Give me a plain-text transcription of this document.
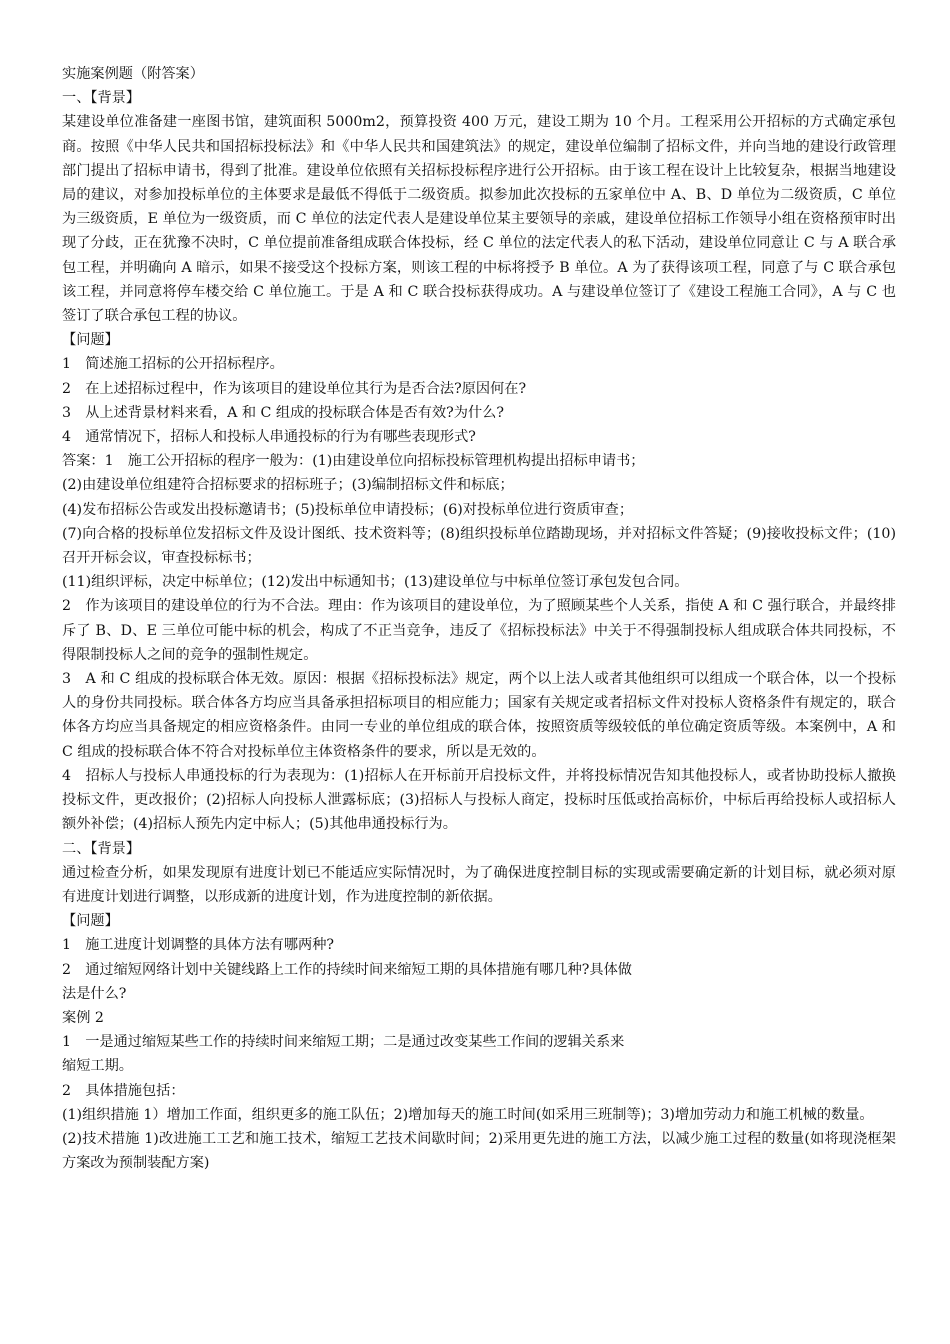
实施案例题（附答案）

一、【背景】

某建设单位准备建一座图书馆，建筑面积 5000m2，预算投资 400 万元，建设工期为 10 个月。工程采用公开招标的方式确定承包商。按照《中华人民共和国招标投标法》和《中华人民共和国建筑法》的规定，建设单位编制了招标文件，并向当地的建设行政管理部门提出了招标申请书，得到了批准。建设单位依照有关招标投标程序进行公开招标。由于该工程在设计上比较复杂，根据当地建设局的建议，对参加投标单位的主体要求是最低不得低于二级资质。拟参加此次投标的五家单位中 A、B、D 单位为二级资质，C 单位为三级资质，E 单位为一级资质，而 C 单位的法定代表人是建设单位某主要领导的亲戚，建设单位招标工作领导小组在资格预审时出现了分歧，正在犹豫不决时，C 单位提前准备组成联合体投标，经 C 单位的法定代表人的私下活动，建设单位同意让 C 与 A 联合承包工程，并明确向 A 暗示，如果不接受这个投标方案，则该工程的中标将授予 B 单位。A 为了获得该项工程，同意了与 C 联合承包该工程，并同意将停车楼交给 C 单位施工。于是 A 和 C 联合投标获得成功。A 与建设单位签订了《建设工程施工合同》，A 与 C 也签订了联合承包工程的协议。

【问题】

1　简述施工招标的公开招标程序。

2　在上述招标过程中，作为该项目的建设单位其行为是否合法?原因何在?

3　从上述背景材料来看，A 和 C 组成的投标联合体是否有效?为什么?

4　通常情况下，招标人和投标人串通投标的行为有哪些表现形式?

答案：1　施工公开招标的程序一般为：(1)由建设单位向招标投标管理机构提出招标申请书；

(2)由建设单位组建符合招标要求的招标班子；(3)编制招标文件和标底；

(4)发布招标公告或发出投标邀请书；(5)投标单位申请投标；(6)对投标单位进行资质审查；

(7)向合格的投标单位发招标文件及设计图纸、技术资料等；(8)组织投标单位踏勘现场，并对招标文件答疑；(9)接收投标文件；(10)召开开标会议，审查投标标书；

(11)组织评标，决定中标单位；(12)发出中标通知书；(13)建设单位与中标单位签订承包发包合同。

2　作为该项目的建设单位的行为不合法。理由：作为该项目的建设单位，为了照顾某些个人关系，指使 A 和 C 强行联合，并最终排斥了 B、D、E 三单位可能中标的机会，构成了不正当竞争，违反了《招标投标法》中关于不得强制投标人组成联合体共同投标，不得限制投标人之间的竞争的强制性规定。

3　A 和 C 组成的投标联合体无效。原因：根据《招标投标法》规定，两个以上法人或者其他组织可以组成一个联合体，以一个投标人的身份共同投标。联合体各方均应当具备承担招标项目的相应能力；国家有关规定或者招标文件对投标人资格条件有规定的，联合体各方均应当具备规定的相应资格条件。由同一专业的单位组成的联合体，按照资质等级较低的单位确定资质等级。本案例中，A 和 C 组成的投标联合体不符合对投标单位主体资格条件的要求，所以是无效的。

4　招标人与投标人串通投标的行为表现为：(1)招标人在开标前开启投标文件，并将投标情况告知其他投标人，或者协助投标人撤换投标文件，更改报价；(2)招标人向投标人泄露标底；(3)招标人与投标人商定，投标时压低或抬高标价，中标后再给投标人或招标人额外补偿；(4)招标人预先内定中标人；(5)其他串通投标行为。

二、【背景】

通过检查分析，如果发现原有进度计划已不能适应实际情况时，为了确保进度控制目标的实现或需要确定新的计划目标，就必须对原有进度计划进行调整，以形成新的进度计划，作为进度控制的新依据。

【问题】

1　施工进度计划调整的具体方法有哪两种?

2　通过缩短网络计划中关键线路上工作的持续时间来缩短工期的具体措施有哪几种?具体做

法是什么?

案例 2

1　一是通过缩短某些工作的持续时间来缩短工期；二是通过改变某些工作间的逻辑关系来

缩短工期。

2　具体措施包括：

(1)组织措施 1）增加工作面，组织更多的施工队伍；2)增加每天的施工时间(如采用三班制等)；3)增加劳动力和施工机械的数量。

(2)技术措施 1)改进施工工艺和施工技术，缩短工艺技术间歇时间；2)采用更先进的施工方法，以减少施工过程的数量(如将现浇框架方案改为预制装配方案)
